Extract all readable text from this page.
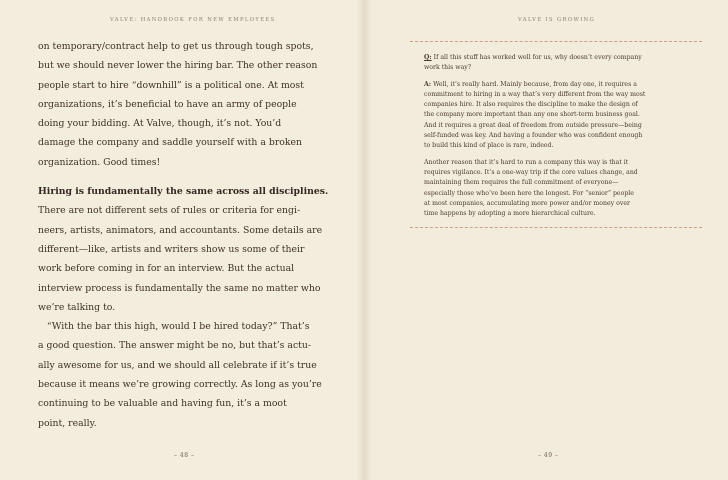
VALVE: HANDBOOK FOR NEW EMPLOYEES	VALVE IS GROWING
on temporary/contract help to get us through tough spots,
but we should never lower the hiring bar. The other reason
people start to hire “downhill” is a political one. At most
organizations, it’s beneficial to have an army of people
doing your bidding. At Valve, though, it’s not. You’d
damage the company and saddle yourself with a broken
organization. Good times!
Hiring is fundamentally the same across all disciplines.
There are not different sets of rules or criteria for engi-
neers, artists, animators, and accountants. Some details are
different—like, artists and writers show us some of their
work before coming in for an interview. But the actual
interview process is fundamentally the same no matter who
we’re talking to.
“With the bar this high, would I be hired today?” That’s
a good question. The answer might be no, but that’s actu-
ally awesome for us, and we should all celebrate if it’s true
because it means we’re growing correctly. As long as you’re
continuing to be valuable and having fun, it’s a moot
point, really.
Q: If all this stuff has worked well for us, why doesn’t every company
work this way?
A: Well, it’s really hard. Mainly because, from day one, it requires a
commitment to hiring in a way that’s very different from the way most
companies hire. It also requires the discipline to make the design of
the company more important than any one short-term business goal.
And it requires a great deal of freedom from outside pressure—being
self-funded was key. And having a founder who was confident enough
to build this kind of place is rare, indeed.
Another reason that it’s hard to run a company this way is that it
requires vigilance. It’s a one-way trip if the core values change, and
maintaining them requires the full commitment of everyone—
especially those who’ve been here the longest. For “senior” people
at most companies, accumulating more power and/or money over
time happens by adopting a more hierarchical culture.
– 48 –	– 49 –
